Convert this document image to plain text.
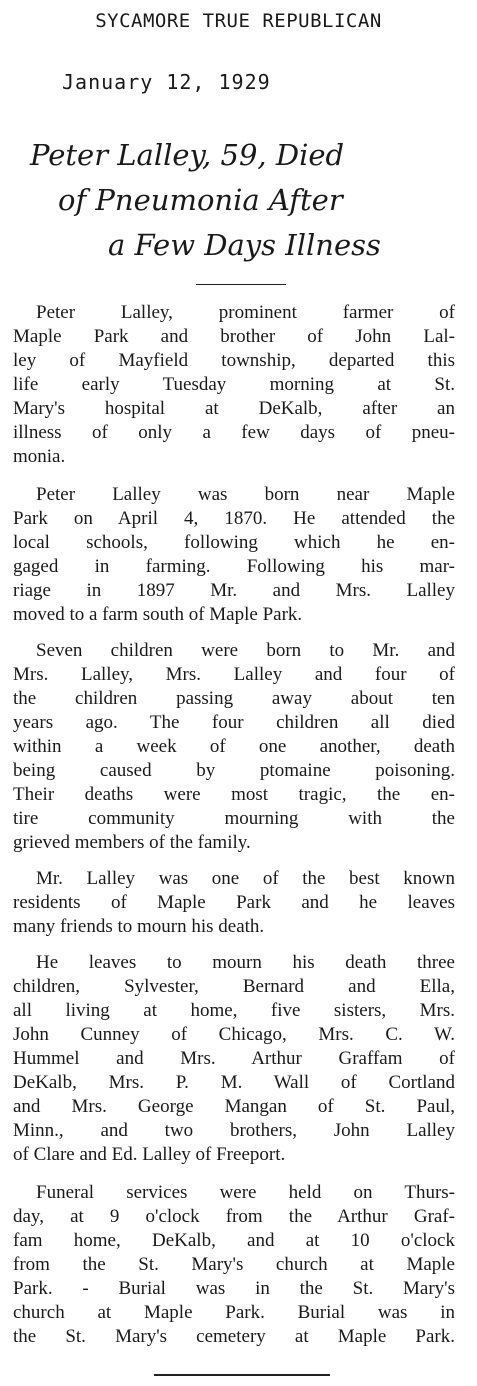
SYCAMORE TRUE REPUBLICAN
January 12, 1929
Peter Lalley, 59, Died
of Pneumonia After
a Few Days Illness
Peter Lalley, prominent farmer of
Maple Park and brother of John Lal-
ley of Mayfield township, departed this
life early Tuesday morning at St.
Mary's hospital at DeKalb, after an
illness of only a few days of pneu-
monia.
Peter Lalley was born near Maple
Park on April 4, 1870. He attended the
local schools, following which he en-
gaged in farming. Following his mar-
riage in 1897 Mr. and Mrs. Lalley
moved to a farm south of Maple Park.
Seven children were born to Mr. and
Mrs. Lalley, Mrs. Lalley and four of
the children passing away about ten
years ago. The four children all died
within a week of one another, death
being caused by ptomaine poisoning.
Their deaths were most tragic, the en-
tire community mourning with the
grieved members of the family.
Mr. Lalley was one of the best known
residents of Maple Park and he leaves
many friends to mourn his death.
He leaves to mourn his death three
children, Sylvester, Bernard and Ella,
all living at home, five sisters, Mrs.
John Cunney of Chicago, Mrs. C. W.
Hummel and Mrs. Arthur Graffam of
DeKalb, Mrs. P. M. Wall of Cortland
and Mrs. George Mangan of St. Paul,
Minn., and two brothers, John Lalley
of Clare and Ed. Lalley of Freeport.
Funeral services were held on Thurs-
day, at 9 o'clock from the Arthur Graf-
fam home, DeKalb, and at 10 o'clock
from the St. Mary's church at Maple
Park. - Burial was in the St. Mary's
church at Maple Park. Burial was in
the St. Mary's cemetery at Maple Park.
